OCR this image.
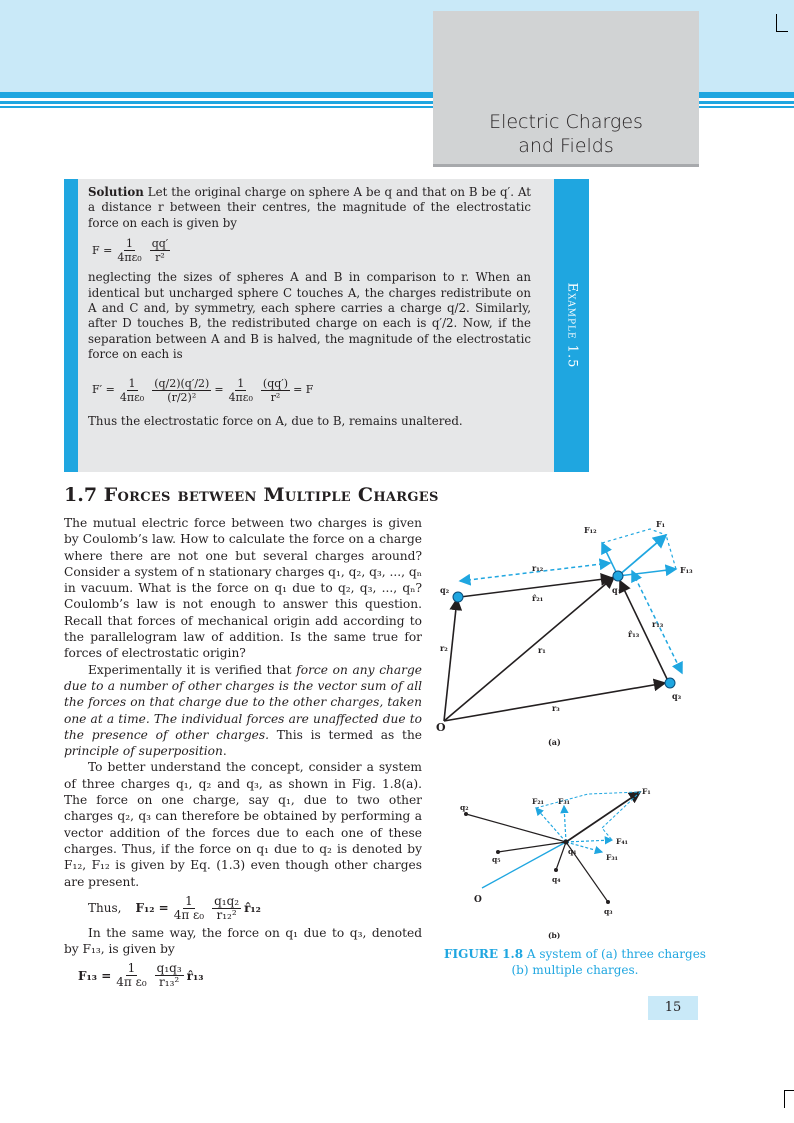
Electric Charges
and Fields
Example 1.5

Solution Let the original charge on sphere A be q and that on B be q′. At a distance r between their centres, the magnitude of the electrostatic force on each is given by

$F = \frac{1}{\text{4πε₀}} \frac{qq'}{\text{r²}}$

neglecting the sizes of spheres A and B in comparison to r. When an identical but uncharged sphere C touches A, the charges redistribute on A and C and, by symmetry, each sphere carries a charge q/2. Similarly, after D touches B, the redistributed charge on each is q′/2. Now, if the separation between A and B is halved, the magnitude of the electrostatic force on each is

$F' = \frac{1}{\text{4πε₀}} \frac{(q/2)(q'/2)}{\text{(r/2)²}} = \frac{1}{\text{4πε₀}} \frac{(qq')}{\text{r²}} = F$

Thus the electrostatic force on A, due to B, remains unaltered.

1.7 Forces between Multiple Charges

The mutual electric force between two charges is given by Coulomb’s law. How to calculate the force on a charge where there are not one but several charges around? Consider a system of n stationary charges q₁, q₂, q₃, ..., qₙ in vacuum. What is the force on q₁ due to q₂, q₃, ..., qₙ? Coulomb’s law is not enough to answer this question. Recall that forces of mechanical origin add according to the parallelogram law of addition. Is the same true for forces of electrostatic origin?

Experimentally it is verified that force on any charge due to a number of other charges is the vector sum of all the forces on that charge due to the other charges, taken one at a time. The individual forces are unaffected due to the presence of other charges. This is termed as the principle of superposition.

To better understand the concept, consider a system of three charges q₁, q₂ and q₃, as shown in Fig. 1.8(a). The force on one charge, say q₁, due to two other charges q₂, q₃ can therefore be obtained by performing a vector addition of the forces due to each one of these charges. Thus, if the force on q₁ due to q₂ is denoted by F₁₂, F₁₂ is given by Eq. (1.3) even though other charges are present.

Thus, $F_{12} = \frac{1}{\text{4π ε₀}} \frac{\text{q₁q₂}}{\text{r₁₂²}}$ r̂₁₂

In the same way, the force on q₁ due to q₃, denoted by F₁₃, is given by

$F_{13} = \frac{1}{\text{4π ε₀}} \frac{\text{q₁q₃}}{\text{r₁₃²}}$ r̂₁₃
F₁₂
F₁
F₁₃
r₁₂
r̂₂₁
q₁
q₂
q₃
r₂	r₁
r₃
r̂₁₃
r₁₃
O
(a)
q₂
F₂₁ F₃₁
F₁
q₅
F₄₁
F₃₁
q₁
q₄
q₃
O
(b)
FIGURE 1.8 A system of (a) three charges (b) multiple charges.
15
